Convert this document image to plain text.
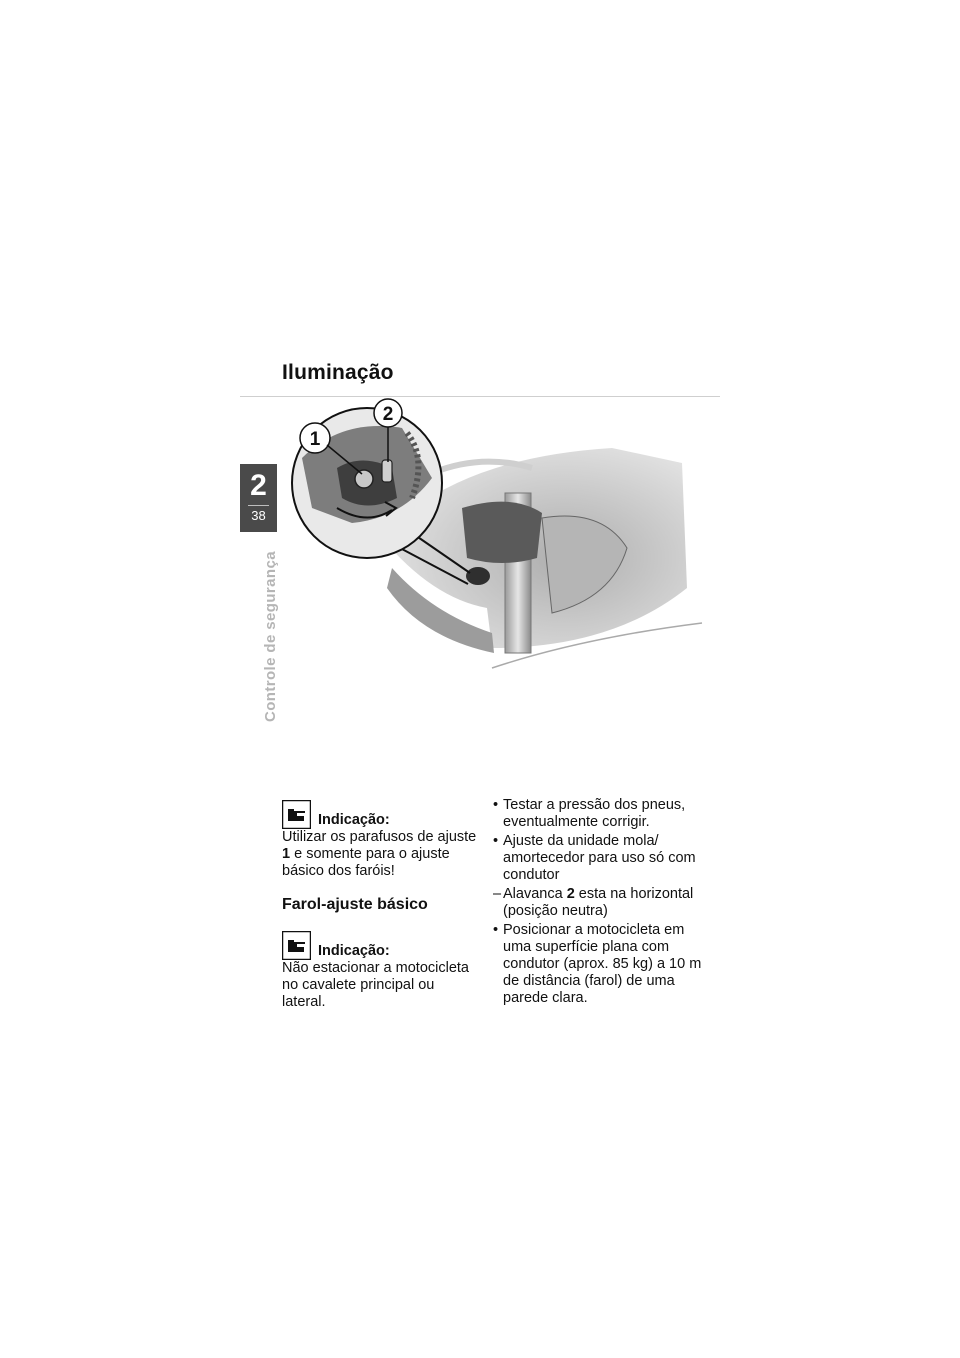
Iluminação
2
38
Controle de segurança
1
2
Indicação:

Utilizar os parafusos de ajuste 1 e somente para o ajuste básico dos faróis!

Farol-ajuste básico
Indicação:

Não estacionar a motocicleta no cavalete principal ou lateral.

• Testar a pressão dos pneus, eventualmente corrigir.
• Ajuste da unidade mola/ amortecedor para uso só com condutor
– Alavanca 2 esta na horizontal (posição neutra)
• Posicionar a motocicleta em uma superfície plana com condutor (aprox. 85 kg) a 10 m de distância (farol) de uma parede clara.
